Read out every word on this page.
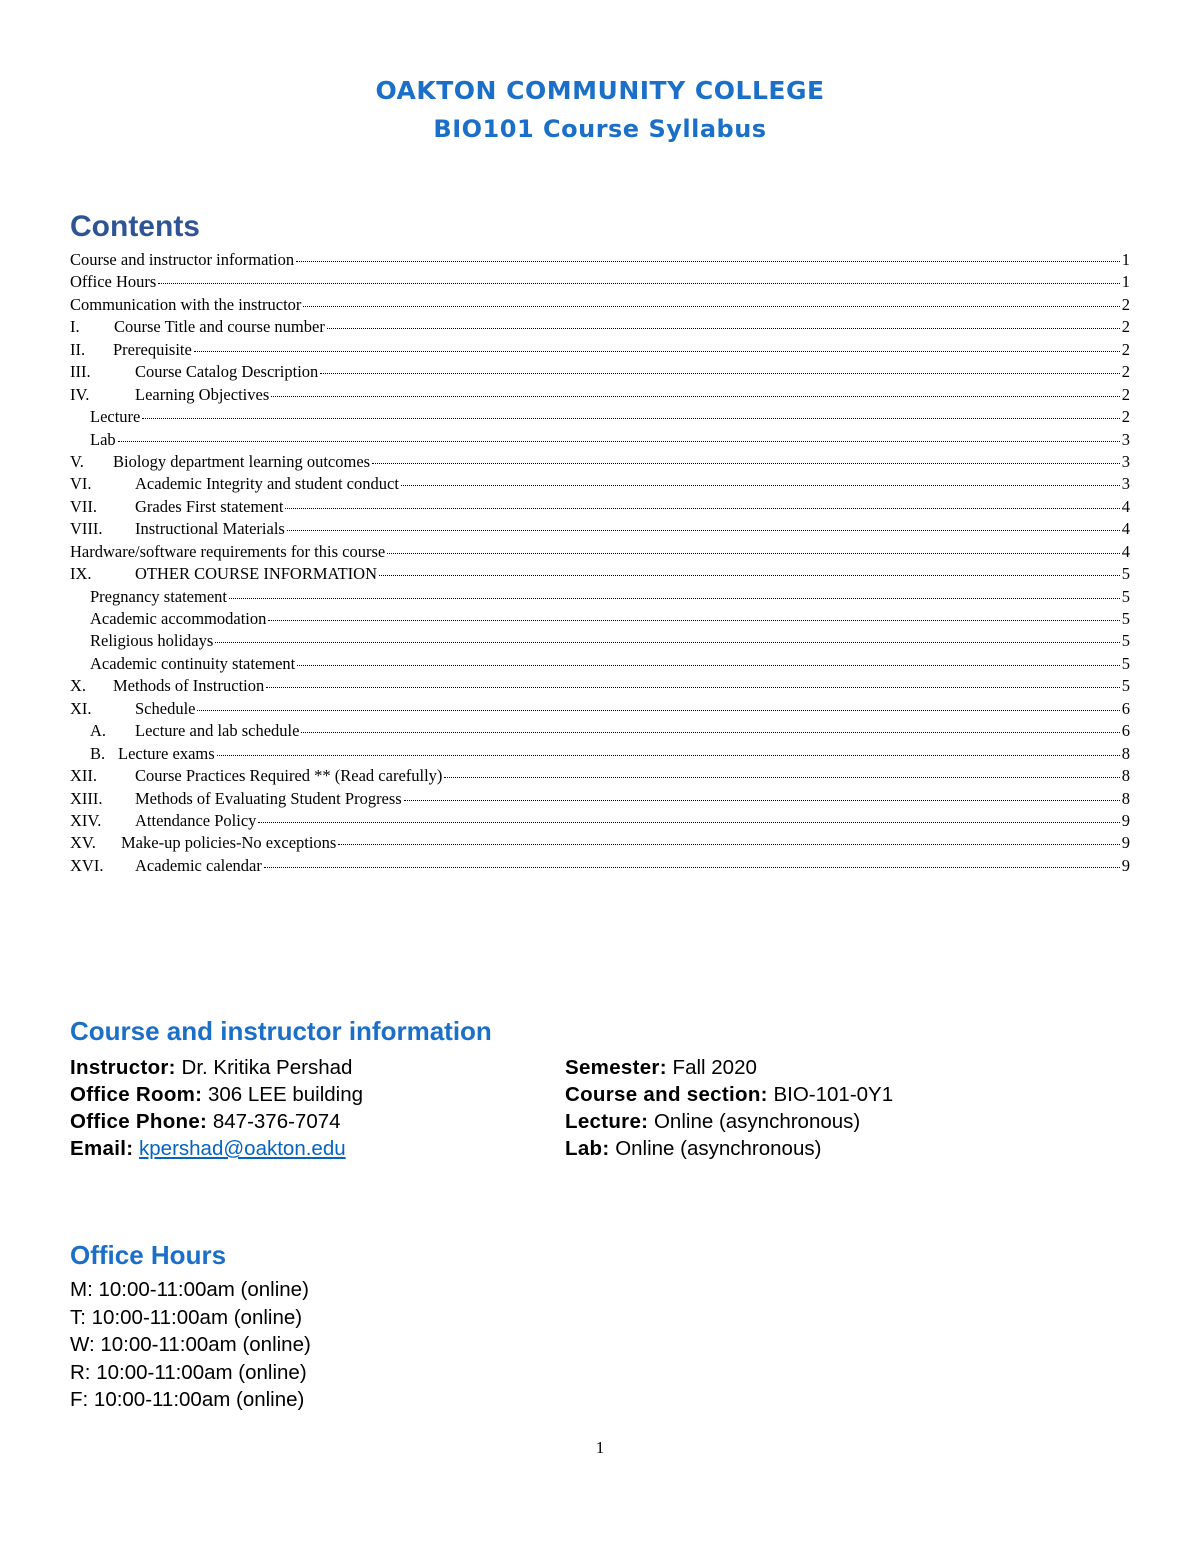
OAKTON COMMUNITY COLLEGE
BIO101 Course Syllabus
Contents
Course and instructor information	1
Office Hours	1
Communication with the instructor	2
I.	Course Title and course number	2
II.	Prerequisite	2
III.	Course Catalog Description	2
IV.	Learning Objectives	2
Lecture	2
Lab	3
V.	Biology department learning outcomes	3
VI.	Academic Integrity and student conduct	3
VII.	Grades First statement	4
VIII.	Instructional Materials	4
Hardware/software requirements for this course	4
IX.	OTHER COURSE INFORMATION	5
Pregnancy statement	5
Academic accommodation	5
Religious holidays	5
Academic continuity statement	5
X.	Methods of Instruction	5
XI.	Schedule	6
A.	Lecture and lab schedule	6
B. Lecture exams	8
XII.	Course Practices Required ** (Read carefully)	8
XIII.	Methods of Evaluating Student Progress	8
XIV.	Attendance Policy	9
XV.	Make-up policies-No exceptions	9
XVI.	Academic calendar	9
Course and instructor information
Instructor: Dr. Kritika Pershad
Office Room: 306 LEE building
Office Phone: 847-376-7074
Email: kpershad@oakton.edu
Semester: Fall 2020
Course and section: BIO-101-0Y1
Lecture: Online (asynchronous)
Lab: Online (asynchronous)
Office Hours
M: 10:00-11:00am (online)
T: 10:00-11:00am (online)
W: 10:00-11:00am (online)
R: 10:00-11:00am (online)
F: 10:00-11:00am (online)
1
